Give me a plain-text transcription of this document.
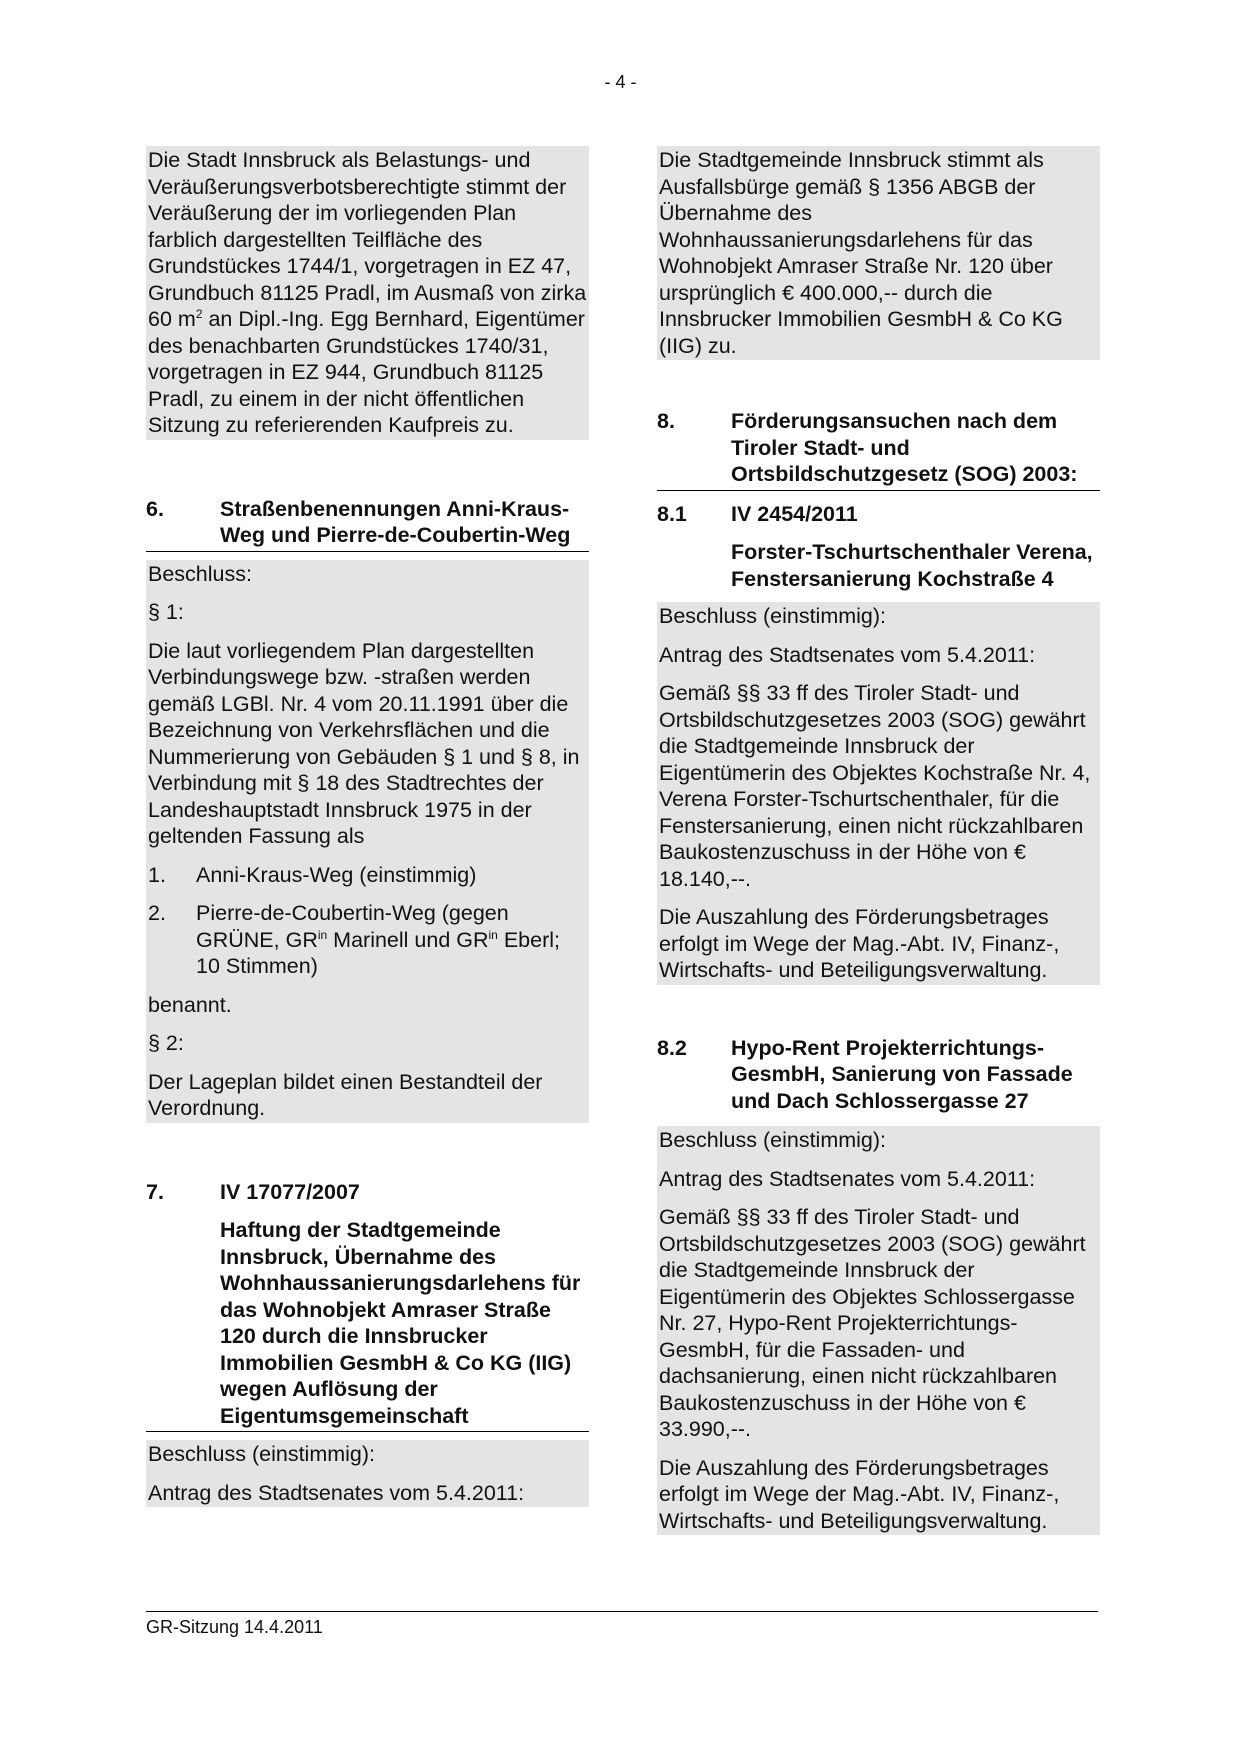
- 4 -

Die Stadt Innsbruck als Belastungs- und Veräußerungsverbotsberechtigte stimmt der Veräußerung der im vorliegenden Plan farblich dargestellten Teilfläche des Grundstückes 1744/1, vorgetragen in EZ 47, Grundbuch 81125 Pradl, im Ausmaß von zirka 60 $m^2$ an Dipl.-Ing. Egg Bernhard, Eigentümer des benachbarten Grundstückes 1740/31, vorgetragen in EZ 944, Grundbuch 81125 Pradl, zu einem in der nicht öffentlichen Sitzung zu referierenden Kaufpreis zu.

6.	Straßenbenennungen Anni-Kraus-Weg und Pierre-de-Coubertin-Weg

Beschluss:

§ 1:

Die laut vorliegendem Plan dargestellten Verbindungswege bzw. -straßen werden gemäß LGBl. Nr. 4 vom 20.11.1991 über die Bezeichnung von Verkehrsflächen und die Nummerierung von Gebäuden § 1 und § 8, in Verbindung mit § 18 des Stadtrechtes der Landeshauptstadt Innsbruck 1975 in der geltenden Fassung als

1.	Anni-Kraus-Weg (einstimmig)
2.	Pierre-de-Coubertin-Weg (gegen GRÜNE, $GR^{in}$ Marinell und $GR^{in}$ Eberl; 10 Stimmen)

benannt.

§ 2:

Der Lageplan bildet einen Bestandteil der Verordnung.

7.	IV 17077/2007

Haftung der Stadtgemeinde Innsbruck, Übernahme des Wohnhaussanierungsdarlehens für das Wohnobjekt Amraser Straße 120 durch die Innsbrucker Immobilien GesmbH & Co KG (IIG) wegen Auflösung der Eigentumsgemeinschaft

Beschluss (einstimmig):

Antrag des Stadtsenates vom 5.4.2011:

Die Stadtgemeinde Innsbruck stimmt als Ausfallsbürge gemäß § 1356 ABGB der Übernahme des Wohnhaussanierungsdarlehens für das Wohnobjekt Amraser Straße Nr. 120 über ursprünglich € 400.000,-- durch die Innsbrucker Immobilien GesmbH & Co KG (IIG) zu.

8.	Förderungsansuchen nach dem Tiroler Stadt- und Ortsbildschutzgesetz (SOG) 2003:
8.1	IV 2454/2011

Forster-Tschurtschenthaler Verena, Fenstersanierung Kochstraße 4

Beschluss (einstimmig):

Antrag des Stadtsenates vom 5.4.2011:

Gemäß §§ 33 ff des Tiroler Stadt- und Ortsbildschutzgesetzes 2003 (SOG) gewährt die Stadtgemeinde Innsbruck der Eigentümerin des Objektes Kochstraße Nr. 4, Verena Forster-Tschurtschenthaler, für die Fenstersanierung, einen nicht rückzahlbaren Baukostenzuschuss in der Höhe von € 18.140,--.

Die Auszahlung des Förderungsbetrages erfolgt im Wege der Mag.-Abt. IV, Finanz-, Wirtschafts- und Beteiligungsverwaltung.

8.2	Hypo-Rent Projekterrichtungs-GesmbH, Sanierung von Fassade und Dach Schlossergasse 27

Beschluss (einstimmig):

Antrag des Stadtsenates vom 5.4.2011:

Gemäß §§ 33 ff des Tiroler Stadt- und Ortsbildschutzgesetzes 2003 (SOG) gewährt die Stadtgemeinde Innsbruck der Eigentümerin des Objektes Schlossergasse Nr. 27, Hypo-Rent Projekterrichtungs-GesmbH, für die Fassaden- und dachsanierung, einen nicht rückzahlbaren Baukostenzuschuss in der Höhe von € 33.990,--.

Die Auszahlung des Förderungsbetrages erfolgt im Wege der Mag.-Abt. IV, Finanz-, Wirtschafts- und Beteiligungsverwaltung.

GR-Sitzung 14.4.2011
